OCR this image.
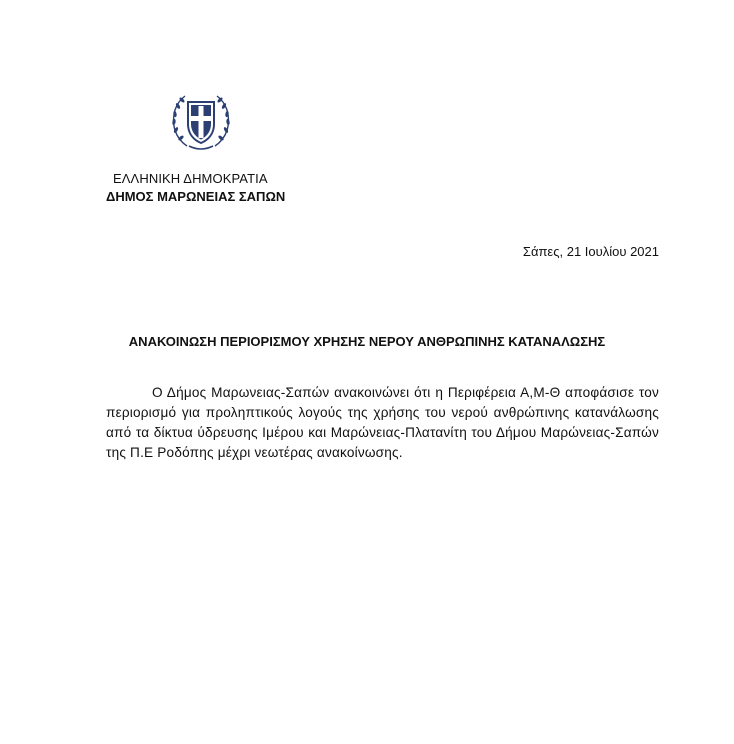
ΕΛΛΗΝΙΚΗ ΔΗΜΟΚΡΑΤΙΑ
ΔΗΜΟΣ ΜΑΡΩΝΕΙΑΣ ΣΑΠΩΝ
Σάπες, 21 Ιουλίου 2021
ΑΝΑΚΟΙΝΩΣΗ ΠΕΡΙΟΡΙΣΜΟΥ ΧΡΗΣΗΣ ΝΕΡΟΥ ΑΝΘΡΩΠΙΝΗΣ ΚΑΤΑΝΑΛΩΣΗΣ
Ο Δήμος Μαρωνειας-Σαπών ανακοινώνει ότι η Περιφέρεια Α,Μ-Θ αποφάσισε τον περιορισμό για προληπτικούς λογούς της χρήσης του νερού ανθρώπινης κατανάλωσης από τα δίκτυα ύδρευσης Ιμέρου και Μαρώνειας-Πλατανίτη του Δήμου Μαρώνειας-Σαπών της Π.Ε Ροδόπης μέχρι νεωτέρας ανακοίνωσης.
